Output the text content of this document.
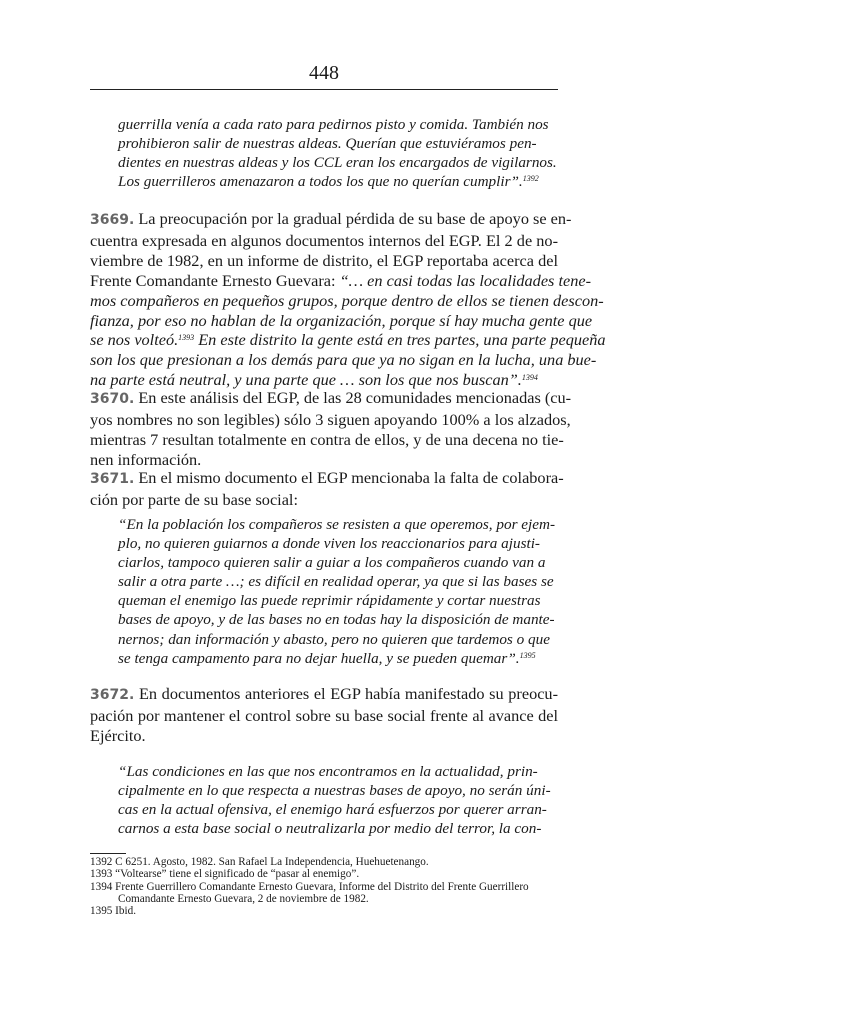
448
guerrilla venía a cada rato para pedirnos pisto y comida. También nos
prohibieron salir de nuestras aldeas. Querían que estuviéramos pen-
dientes en nuestras aldeas y los CCL eran los encargados de vigilarnos.
Los guerrilleros amenazaron a todos los que no querían cumplir”.$^{1392}$
3669. La preocupación por la gradual pérdida de su base de apoyo se en-
cuentra expresada en algunos documentos internos del EGP. El 2 de no-
viembre de 1982, en un informe de distrito, el EGP reportaba acerca del
Frente Comandante Ernesto Guevara: “… en casi todas las localidades tene-
mos compañeros en pequeños grupos, porque dentro de ellos se tienen descon-
fianza, por eso no hablan de la organización, porque sí hay mucha gente que
se nos volteó.$^{1393}$ En este distrito la gente está en tres partes, una parte pequeña
son los que presionan a los demás para que ya no sigan en la lucha, una bue-
na parte está neutral, y una parte que … son los que nos buscan”.$^{1394}$
3670. En este análisis del EGP, de las 28 comunidades mencionadas (cu-
yos nombres no son legibles) sólo 3 siguen apoyando 100% a los alzados,
mientras 7 resultan totalmente en contra de ellos, y de una decena no tie-
nen información.
3671. En el mismo documento el EGP mencionaba la falta de colabora-
ción por parte de su base social:
“En la población los compañeros se resisten a que operemos, por ejem-
plo, no quieren guiarnos a donde viven los reaccionarios para ajusti-
ciarlos, tampoco quieren salir a guiar a los compañeros cuando van a
salir a otra parte …; es difícil en realidad operar, ya que si las bases se
queman el enemigo las puede reprimir rápidamente y cortar nuestras
bases de apoyo, y de las bases no en todas hay la disposición de mante-
nernos; dan información y abasto, pero no quieren que tardemos o que
se tenga campamento para no dejar huella, y se pueden quemar”.$^{1395}$
3672. En documentos anteriores el EGP había manifestado su preocu-
pación por mantener el control sobre su base social frente al avance del
Ejército.
“Las condiciones en las que nos encontramos en la actualidad, prin-
cipalmente en lo que respecta a nuestras bases de apoyo, no serán úni-
cas en la actual ofensiva, el enemigo hará esfuerzos por querer arran-
carnos a esta base social o neutralizarla por medio del terror, la con-
1392 C 6251. Agosto, 1982. San Rafael La Independencia, Huehuetenango.
1393 “Voltearse” tiene el significado de “pasar al enemigo”.
1394 Frente Guerrillero Comandante Ernesto Guevara, Informe del Distrito del Frente Guerrillero
Comandante Ernesto Guevara, 2 de noviembre de 1982.
1395 Ibid.
